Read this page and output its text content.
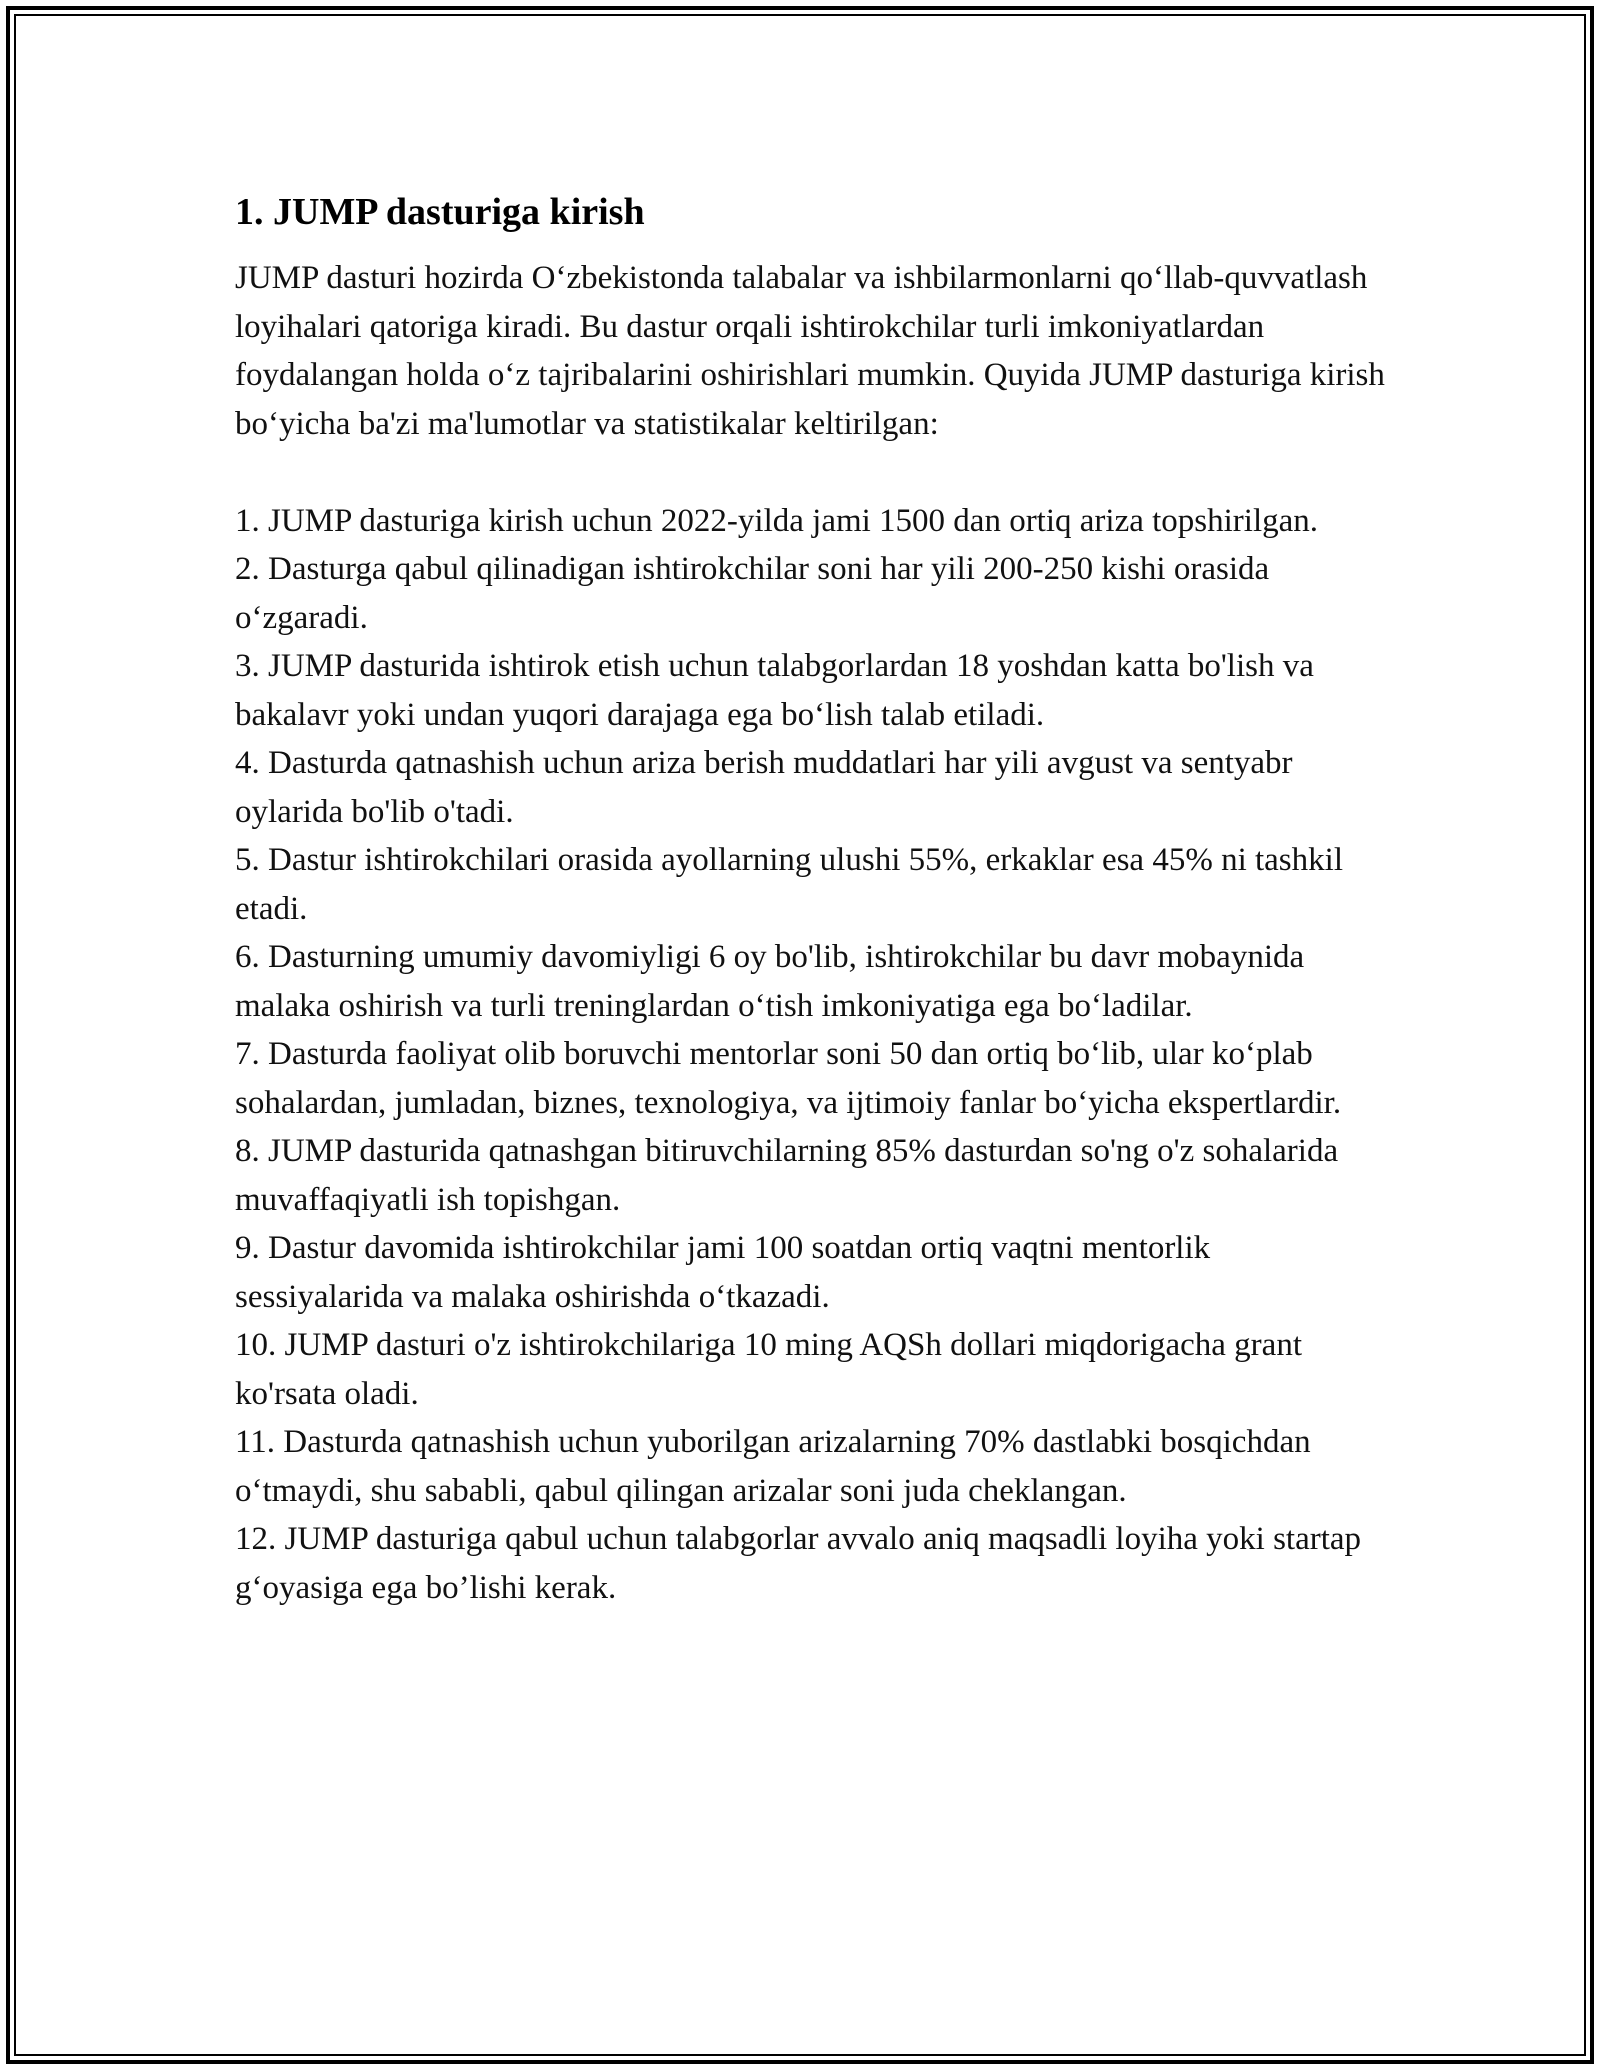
1. JUMP dasturiga kirish

JUMP dasturi hozirda O‘zbekistonda talabalar va ishbilarmonlarni qo‘llab-quvvatlash loyihalari qatoriga kiradi. Bu dastur orqali ishtirokchilar turli imkoniyatlardan foydalangan holda o‘z tajribalarini oshirishlari mumkin. Quyida JUMP dasturiga kirish bo‘yicha ba'zi ma'lumotlar va statistikalar keltirilgan:

1. JUMP dasturiga kirish uchun 2022-yilda jami 1500 dan ortiq ariza topshirilgan.
2. Dasturga qabul qilinadigan ishtirokchilar soni har yili 200-250 kishi orasida o‘zgaradi.
3. JUMP dasturida ishtirok etish uchun talabgorlardan 18 yoshdan katta bo'lish va bakalavr yoki undan yuqori darajaga ega bo‘lish talab etiladi.
4. Dasturda qatnashish uchun ariza berish muddatlari har yili avgust va sentyabr oylarida bo'lib o'tadi.
5. Dastur ishtirokchilari orasida ayollarning ulushi 55%, erkaklar esa 45% ni tashkil etadi.
6. Dasturning umumiy davomiyligi 6 oy bo'lib, ishtirokchilar bu davr mobaynida malaka oshirish va turli treninglardan o‘tish imkoniyatiga ega bo‘ladilar.
7. Dasturda faoliyat olib boruvchi mentorlar soni 50 dan ortiq bo‘lib, ular ko‘plab sohalardan, jumladan, biznes, texnologiya, va ijtimoiy fanlar bo‘yicha ekspertlardir.
8. JUMP dasturida qatnashgan bitiruvchilarning 85% dasturdan so'ng o'z sohalarida muvaffaqiyatli ish topishgan.
9. Dastur davomida ishtirokchilar jami 100 soatdan ortiq vaqtni mentorlik sessiyalarida va malaka oshirishda o‘tkazadi.
10. JUMP dasturi o'z ishtirokchilariga 10 ming AQSh dollari miqdorigacha grant ko'rsata oladi.
11. Dasturda qatnashish uchun yuborilgan arizalarning 70% dastlabki bosqichdan o‘tmaydi, shu sababli, qabul qilingan arizalar soni juda cheklangan.
12. JUMP dasturiga qabul uchun talabgorlar avvalo aniq maqsadli loyiha yoki startap g‘oyasiga ega bo’lishi kerak.
